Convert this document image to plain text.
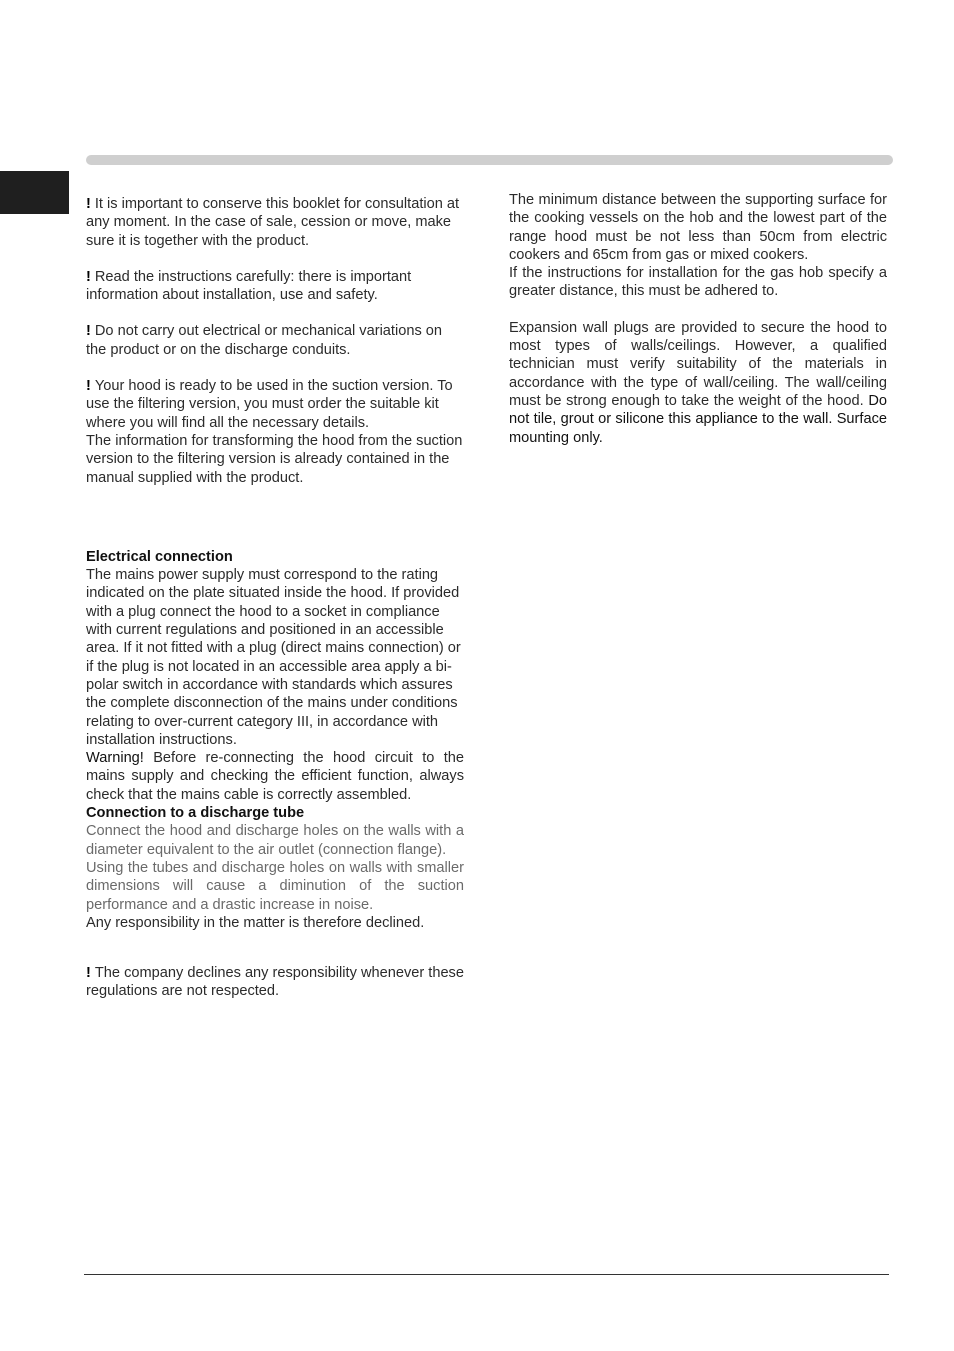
! It is important to conserve this booklet for consultation at any moment. In the case of sale, cession or move, make sure it is together with the product.

! Read the instructions carefully: there is important information about installation, use and safety.

! Do not carry out electrical or mechanical variations on the product or on the discharge conduits.

! Your hood is ready to be used in the suction version. To use the filtering version, you must order the suitable kit where you will find all the necessary details.

The information for transforming the hood from the suction version to the filtering version is already contained in the manual supplied with the product.

Electrical connection

The mains power supply must correspond to the rating indicated on the plate situated inside the hood. If provided with a plug connect the hood to a socket in compliance with current regulations and positioned in an accessible area. If it not fitted with a plug (direct mains connection) or if the plug is not located in an accessible area apply a bi-polar switch in accordance with standards which assures the complete disconnection of the mains under conditions relating to over-current category III, in accordance with installation instructions.

Warning! Before re-connecting the hood circuit to the mains supply and checking the efficient function, always check that the mains cable is correctly assembled.

Connection to a discharge tube

Connect the hood and discharge holes on the walls with a diameter equivalent to the air outlet (connection flange).

Using the tubes and discharge holes on walls with smaller dimensions will cause a diminution of the suction performance and a drastic increase in noise.

Any responsibility in the matter is therefore declined.

! The company declines any responsibility whenever these regulations are not respected.

The minimum distance between the supporting surface for the cooking vessels on the hob and the lowest part of the range hood must be not less than 50cm from electric cookers and 65cm from gas or mixed cookers.

If the instructions for installation for the gas hob specify a greater distance, this must be adhered to.

Expansion wall plugs are provided to secure the hood to most types of walls/ceilings. However, a qualified technician must verify suitability of the materials in accordance with the type of wall/ceiling. The wall/ceiling must be strong enough to take the weight of the hood. Do not tile, grout or silicone this appliance to the wall. Surface mounting only.
